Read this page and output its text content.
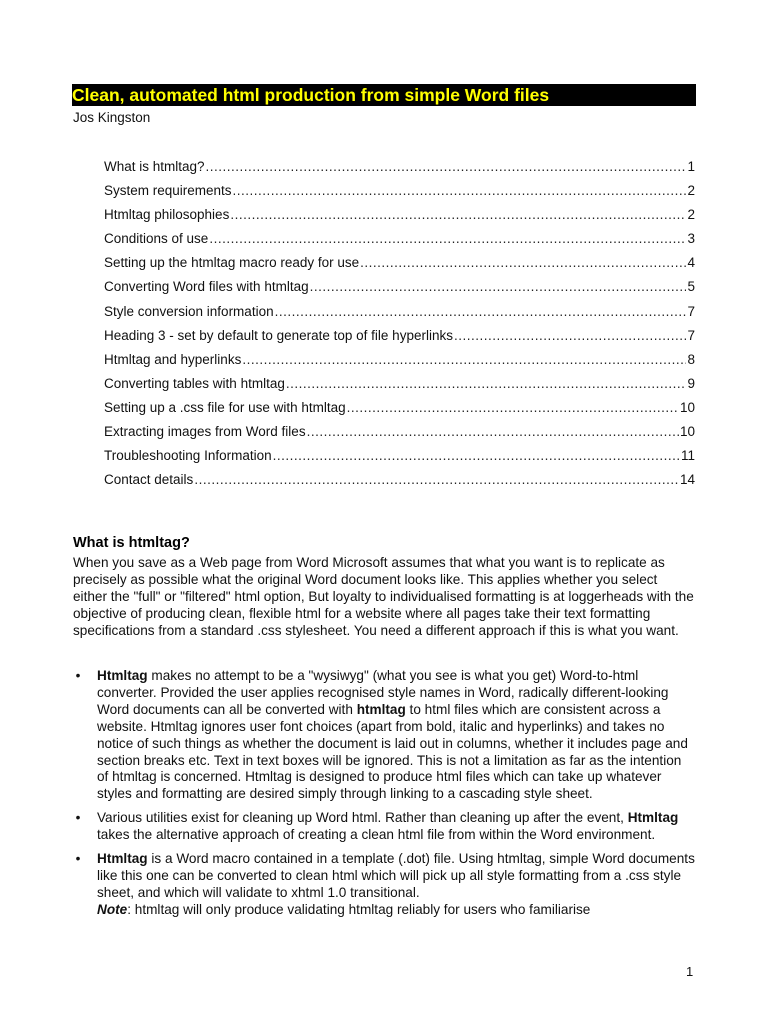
Clean, automated html production from simple Word files
Jos Kingston
What is htmltag? .....	1
System requirements .....	2
Htmltag philosophies .....	2
Conditions of use .....	3
Setting up the htmltag macro ready for use .....	4
Converting Word files with htmltag .....	5
Style conversion information .....	7
Heading 3 - set by default to generate top of file hyperlinks .....	7
Htmltag and hyperlinks .....	8
Converting tables with htmltag .....	9
Setting up a .css file for use with htmltag .....	10
Extracting images from Word files .....	10
Troubleshooting Information .....	11
Contact details .....	14
What is htmltag?

When you save as a Web page from Word Microsoft assumes that what you want is to replicate as precisely as possible what the original Word document looks like. This applies whether you select either the "full" or "filtered" html option, But loyalty to individualised formatting is at loggerheads with the objective of producing clean, flexible html for a website where all pages take their text formatting specifications from a standard .css stylesheet. You need a different approach if this is what you want.

• Htmltag makes no attempt to be a "wysiwyg" (what you see is what you get) Word-to-html converter. Provided the user applies recognised style names in Word, radically different-looking Word documents can all be converted with htmltag to html files which are consistent across a website. Htmltag ignores user font choices (apart from bold, italic and hyperlinks) and takes no notice of such things as whether the document is laid out in columns, whether it includes page and section breaks etc. Text in text boxes will be ignored. This is not a limitation as far as the intention of htmltag is concerned. Htmltag is designed to produce html files which can take up whatever styles and formatting are desired simply through linking to a cascading style sheet.
• Various utilities exist for cleaning up Word html. Rather than cleaning up after the event, Htmltag takes the alternative approach of creating a clean html file from within the Word environment.
• Htmltag is a Word macro contained in a template (.dot) file. Using htmltag, simple Word documents like this one can be converted to clean html which will pick up all style formatting from a .css style sheet, and which will validate to xhtml 1.0 transitional.
Note: htmltag will only produce validating htmltag reliably for users who familiarise
1
